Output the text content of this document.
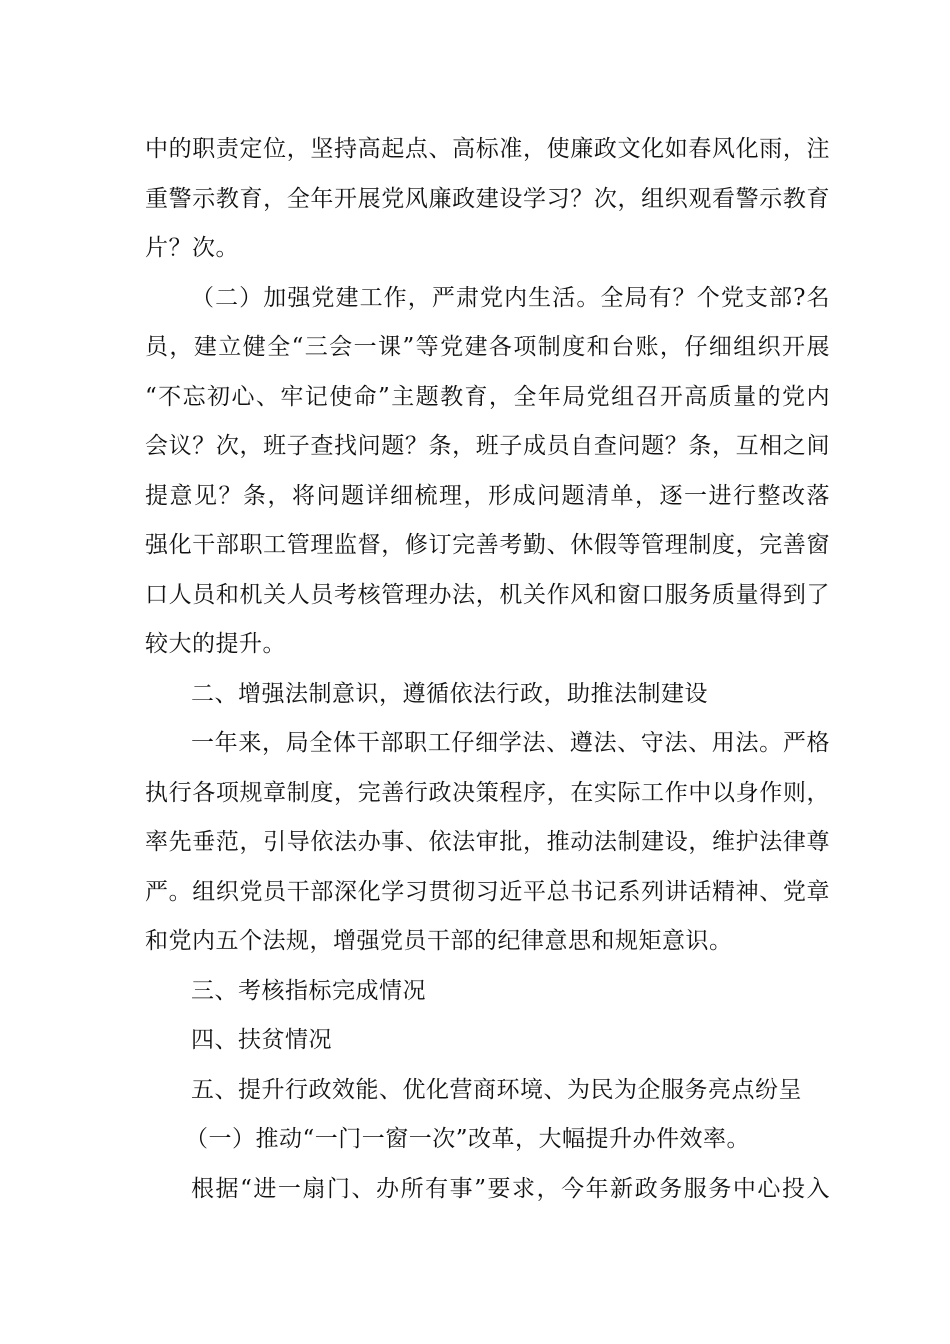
中的职责定位，坚持高起点、高标准，使廉政文化如春风化雨，注
重警示教育，全年开展党风廉政建设学习？次，组织观看警示教育
片？次。
（二）加强党建工作，严肃党内生活。全局有？个党支部?名
员，建立健全“三会一课”等党建各项制度和台账，仔细组织开展
“不忘初心、牢记使命”主题教育，全年局党组召开高质量的党内
会议？次，班子查找问题？条，班子成员自查问题？条，互相之间
提意见？条，将问题详细梳理，形成问题清单，逐一进行整改落
强化干部职工管理监督，修订完善考勤、休假等管理制度，完善窗
口人员和机关人员考核管理办法，机关作风和窗口服务质量得到了
较大的提升。
二、增强法制意识，遵循依法行政，助推法制建设
一年来，局全体干部职工仔细学法、遵法、守法、用法。严格
执行各项规章制度，完善行政决策程序，在实际工作中以身作则，
率先垂范，引导依法办事、依法审批，推动法制建设，维护法律尊
严。组织党员干部深化学习贯彻习近平总书记系列讲话精神、党章
和党内五个法规，增强党员干部的纪律意思和规矩意识。
三、考核指标完成情况
四、扶贫情况
五、提升行政效能、优化营商环境、为民为企服务亮点纷呈
（一）推动“一门一窗一次”改革，大幅提升办件效率。
根据“进一扇门、办所有事”要求，今年新政务服务中心投入
